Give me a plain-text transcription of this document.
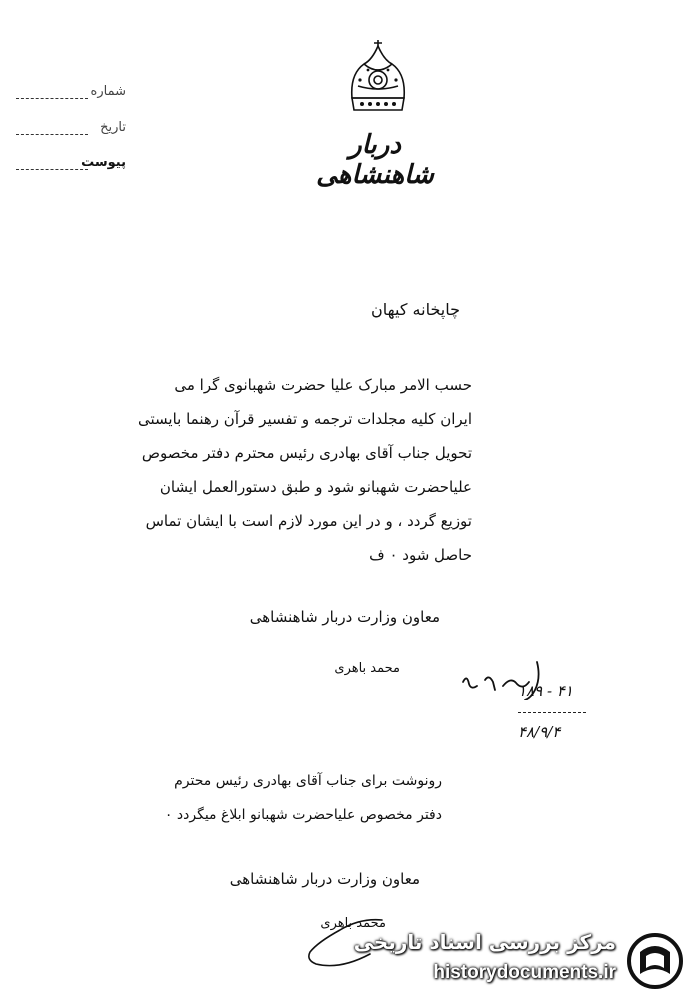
شماره
تاریخ
پیوست
دربار شاهنشاهی
چاپخانه کیهان
حسب الامر مبارک علیا حضرت شهبانوی گرا می
ایران کلیه مجلدات ترجمه و تفسیر قرآن رهنما بایستی
تحویل جناب آقای بهادری رئیس محترم دفتر مخصوص
علیاحضرت شهبانو شود و طبق دستورالعمل ایشان
توزیع گردد ، و در این مورد لازم است با ایشان تماس
حاصل شود ۰ ف
معاون وزارت دربار شاهنشاهی
محمد باهری
۴۱ - ۱۸۹
۴۸/۹/۴
رونوشت برای جناب آقای بهادری رئیس محترم
دفتر مخصوص علیاحضرت شهبانو ابلاغ میگردد ۰
معاون وزارت دربار شاهنشاهی
محمد باهری
مرکز بررسی اسناد تاریخی
historydocuments.ir
